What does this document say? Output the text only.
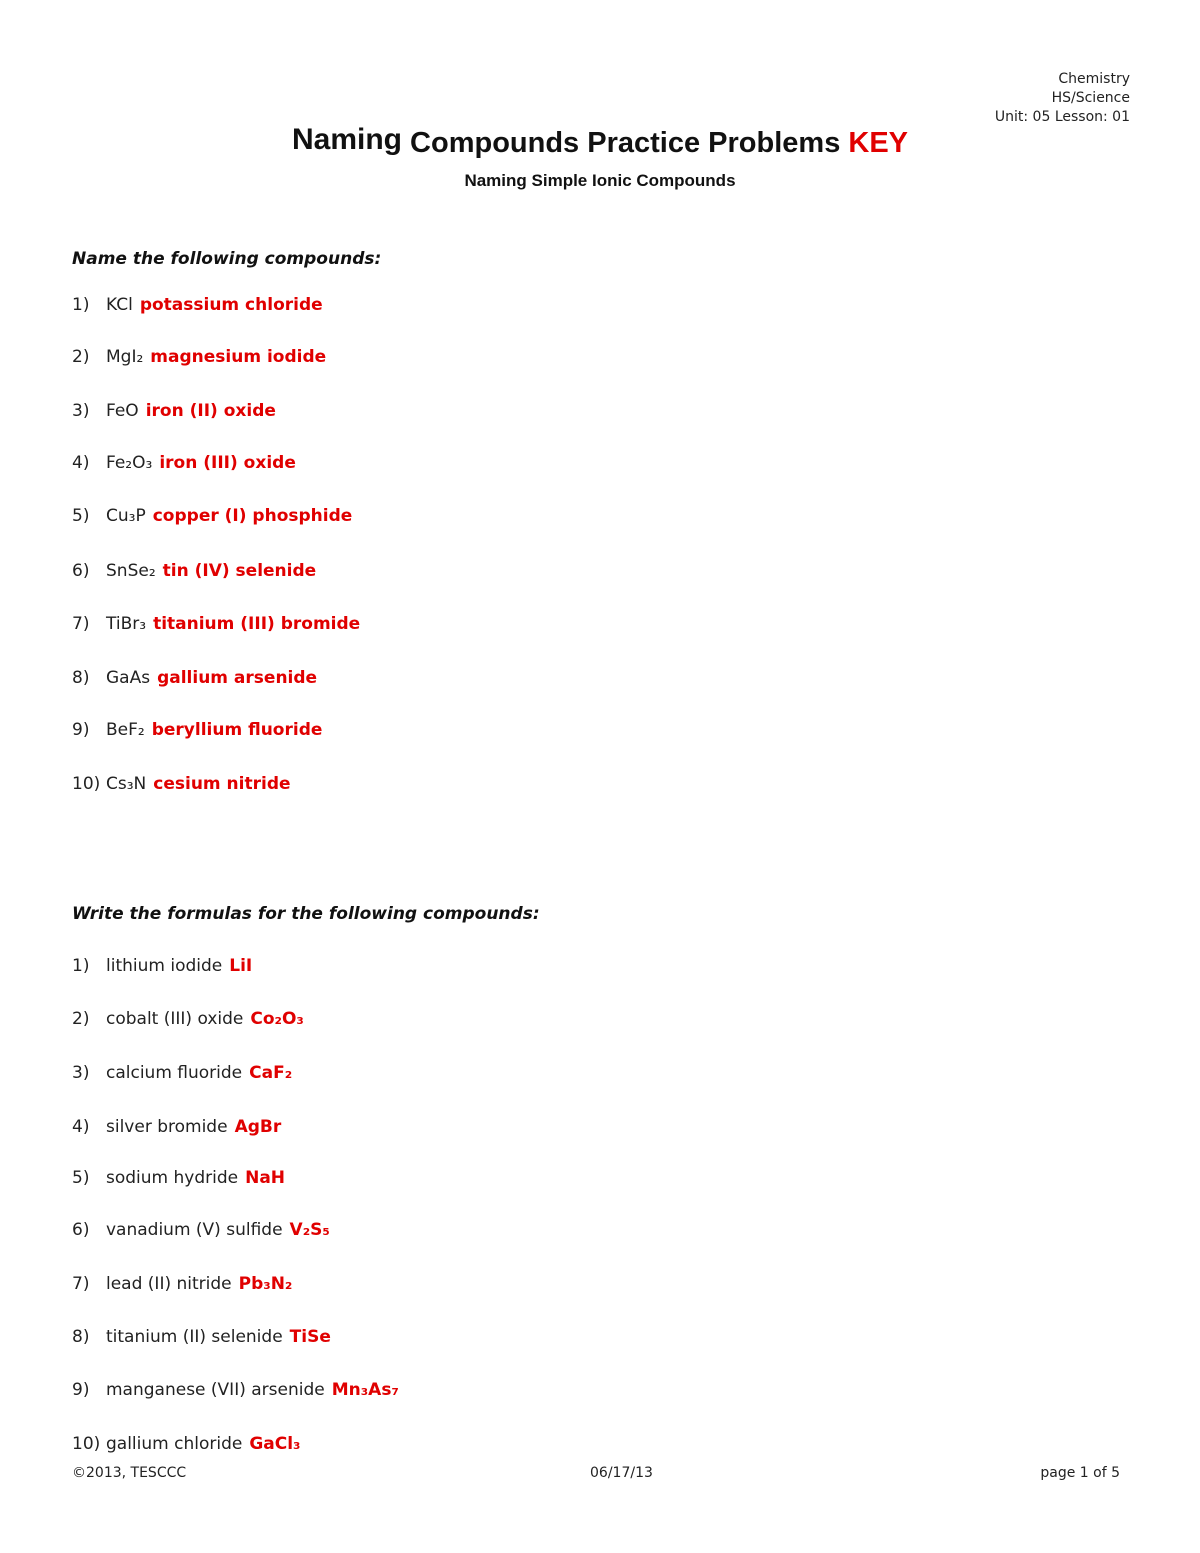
Chemistry
HS/Science
Unit: 05 Lesson: 01
Naming Compounds Practice Problems KEY
Naming Simple Ionic Compounds
Name the following compounds:
1) KCl potassium chloride
2) MgI₂ magnesium iodide
3) FeO iron (II) oxide
4) Fe₂O₃ iron (III) oxide
5) Cu₃P copper (I) phosphide
6) SnSe₂ tin (IV) selenide
7) TiBr₃ titanium (III) bromide
8) GaAs gallium arsenide
9) BeF₂ beryllium fluoride
10) Cs₃N cesium nitride
Write the formulas for the following compounds:
1) lithium iodide LiI
2) cobalt (III) oxide Co₂O₃
3) calcium fluoride CaF₂
4) silver bromide AgBr
5) sodium hydride NaH
6) vanadium (V) sulfide V₂S₅
7) lead (II) nitride Pb₃N₂
8) titanium (II) selenide TiSe
9) manganese (VII) arsenide Mn₃As₇
10) gallium chloride GaCl₃
©2013, TESCCC	06/17/13	page 1 of 5
